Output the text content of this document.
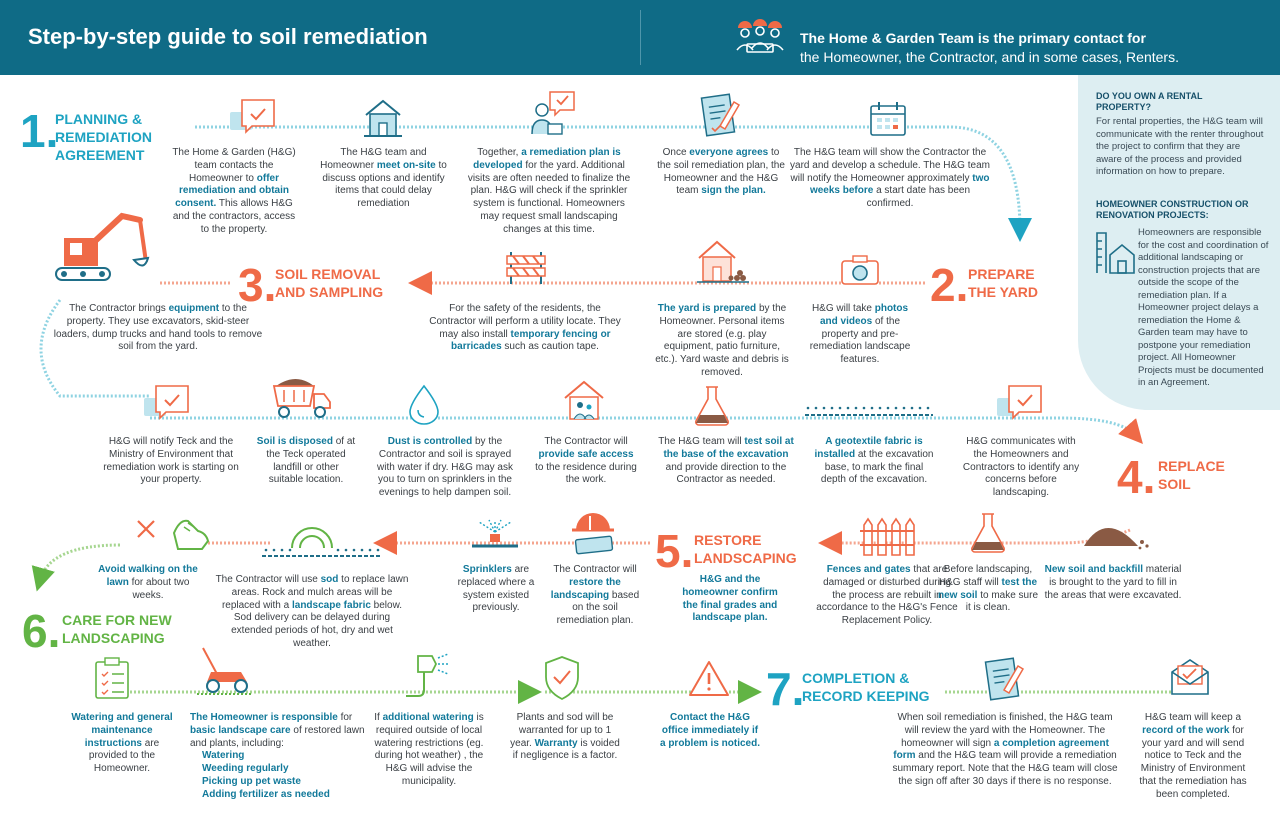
Step-by-step guide to soil remediation	The Home & Garden Team is the primary contact for
the Homeowner, the Contractor, and in some cases, Renters.
DO YOU OWN A RENTAL PROPERTY?
For rental properties, the H&G team will communicate with the renter throughout the project to confirm that they are aware of the process and provided information on how to prepare.
HOMEOWNER CONSTRUCTION OR RENOVATION PROJECTS:
Homeowners are responsible for the cost and coordination of additional landscaping or construction projects that are outside the scope of the remediation plan. If a Homeowner project delays a remediation the Home & Garden team may have to postpone your remediation project. All Homeowner Projects must be documented in an Agreement.
1.
PLANNING & REMEDIATION AGREEMENT
2. PREPARE THE YARD
3.
SOIL REMOVAL AND SAMPLING
4. REPLACE SOIL
5. RESTORE LANDSCAPING
6. CARE FOR NEW LANDSCAPING
7.
COMPLETION & RECORD KEEPING
The Home & Garden (H&G) team contacts the Homeowner to offer remediation and obtain consent. This allows H&G and the contractors, access to the property.
The H&G team and Homeowner meet on-site to discuss options and identify items that could delay remediation
Together, a remediation plan is developed for the yard. Additional visits are often needed to finalize the plan. H&G will check if the sprinkler system is functional. Homeowners may request small landscaping changes at this time.
Once everyone agrees to the soil remediation plan, the Homeowner and the H&G team sign the plan.
The H&G team will show the Contractor the yard and develop a schedule. The H&G team will notify the Homeowner approximately two weeks before a start date has been confirmed.
The Contractor brings equipment to the property. They use excavators, skid-steer loaders, dump trucks and hand tools to remove soil from the yard.
For the safety of the residents, the Contractor will perform a utility locate. They may also install temporary fencing or barricades such as caution tape.
The yard is prepared by the Homeowner. Personal items are stored (e.g. play equipment, patio furniture, etc.). Yard waste and debris is removed.
H&G will take photos and videos of the property and pre-remediation landscape features.
H&G will notify Teck and the Ministry of Environment that remediation work is starting on your property.
Soil is disposed of at the Teck operated landfill or other suitable location.
Dust is controlled by the Contractor and soil is sprayed with water if dry. H&G may ask you to turn on sprinklers in the evenings to help dampen soil.
The Contractor will provide safe access to the residence during the work.
The H&G team will test soil at the base of the excavation and provide direction to the Contractor as needed.
A geotextile fabric is installed at the excavation base, to mark the final depth of the excavation.
H&G communicates with the Homeowners and Contractors to identify any concerns before landscaping.
Avoid walking on the lawn for about two weeks.
The Contractor will use sod to replace lawn areas. Rock and mulch areas will be replaced with a landscape fabric below. Sod delivery can be delayed during extended periods of hot, dry and wet weather.
Sprinklers are replaced where a system existed previously.
The Contractor will restore the landscaping based on the soil remediation plan.
H&G and the homeowner confirm the final grades and landscape plan.
Fences and gates that are damaged or disturbed during the process are rebuilt in accordance to the H&G's Fence Replacement Policy.
Before landscaping, H&G staff will test the new soil to make sure it is clean.
New soil and backfill material is brought to the yard to fill in the areas that were excavated.
Watering and general maintenance instructions are provided to the Homeowner.
The Homeowner is responsible for basic landscape care of restored lawn and plants, including:
Watering
Weeding regularly
Picking up pet waste
Adding fertilizer as needed
If additional watering is required outside of local watering restrictions (eg. during hot weather) , the H&G will advise the municipality.
Plants and sod will be warranted for up to 1 year. Warranty is voided if negligence is a factor.
Contact the H&G office immediately if a problem is noticed.
When soil remediation is finished, the H&G team will review the yard with the Homeowner. The homeowner will sign a completion agreement form and the H&G team will provide a remediation summary report. Note that the H&G team will close the sign off after 30 days if there is no response.
H&G team will keep a record of the work for your yard and will send notice to Teck and the Ministry of Environment that the remediation has been completed.
